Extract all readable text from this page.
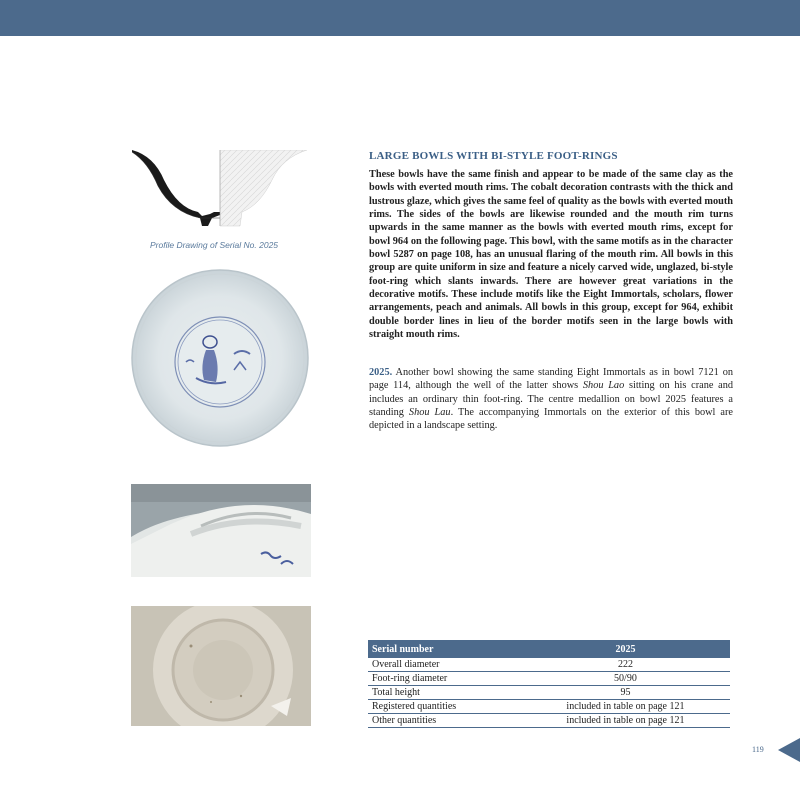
Profile Drawing of Serial No. 2025
LARGE BOWLS WITH BI-STYLE FOOT-RINGS

These bowls have the same finish and appear to be made of the same clay as the bowls with everted mouth rims. The cobalt decoration contrasts with the thick and lustrous glaze, which gives the same feel of quality as the bowls with everted mouth rims. The sides of the bowls are likewise rounded and the mouth rim turns upwards in the same manner as the bowls with everted mouth rims, except for bowl 964 on the following page. This bowl, with the same motifs as in the character bowl 5287 on page 108, has an unusual flaring of the mouth rim. All bowls in this group are quite uniform in size and feature a nicely carved wide, unglazed, bi-style foot-ring which slants inwards. There are however great variations in the decorative motifs. These include motifs like the Eight Immortals, scholars, flower arrangements, peach and animals. All bowls in this group, except for 964, exhibit double border lines in lieu of the border motifs seen in the large bowls with straight mouth rims.

2025. Another bowl showing the same standing Eight Immortals as in bowl 7121 on page 114, although the well of the latter shows Shou Lao sitting on his crane and includes an ordinary thin foot-ring. The centre medallion on bowl 2025 features a standing Shou Lau. The accompanying Immortals on the exterior of this bowl are depicted in a landscape setting.

Serial number	2025
Overall diameter	222
Foot-ring diameter	50/90
Total height	95
Registered quantities	included in table on page 121
Other quantities	included in table on page 121
119
